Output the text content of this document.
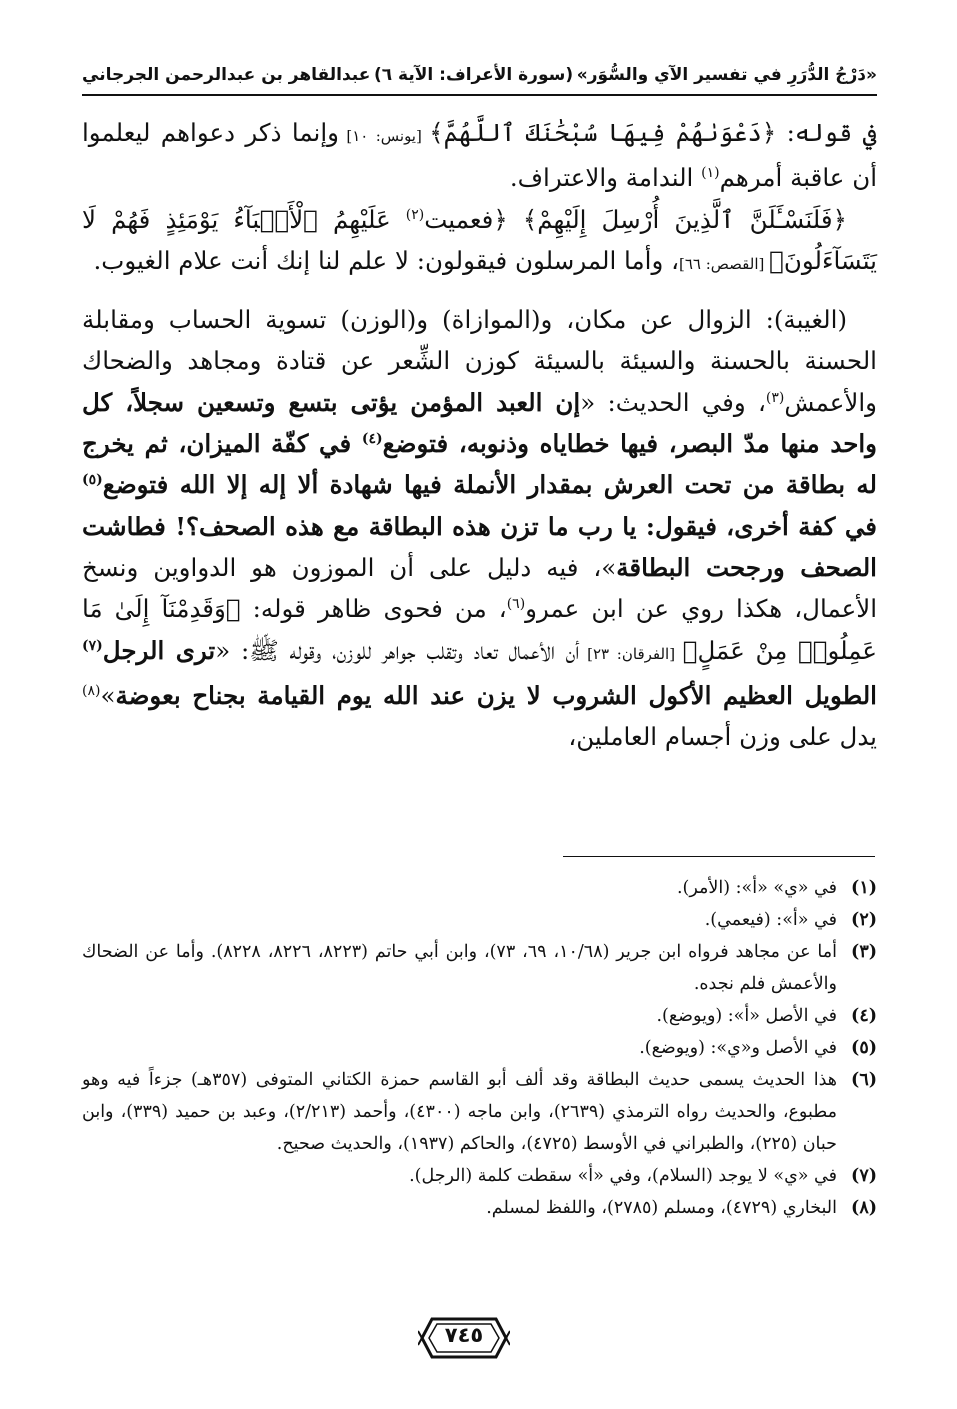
عبدالقاهر بن عبدالرحمن الجرجاني (سورة الأعراف: الآية ٦) «دَرْجُ الدُّرَرِ في تفسير الآي والسُّوَر»

في قوله: ﴿دَعْوَىٰهُمْ فِيهَا سُبْحَٰنَكَ ٱللَّهُمَّ﴾ [يونس: ١٠] وإنما ذكر دعواهم ليعلموا أن عاقبة أمرهم$^{(١)}$ الندامة والاعتراف.

﴿فَلَنَسْـَٔلَنَّ ٱلَّذِينَ أُرْسِلَ إِلَيْهِمْ﴾ ﴿فعميت$^{(٢)}$ عَلَيْهِمُ ٱلْأَنۢبَآءُ يَوْمَئِذٍ فَهُمْ لَا يَتَسَآءَلُونَ﴾ [القصص: ٦٦]، وأما المرسلون فيقولون: لا علم لنا إنك أنت علام الغيوب.

(الغيبة): الزوال عن مكان، و(الموازاة) و(الوزن) تسوية الحساب ومقابلة الحسنة بالحسنة والسيئة بالسيئة كوزن الشِّعر عن قتادة ومجاهد والضحاك والأعمش$^{(٣)}$، وفي الحديث: «إن العبد المؤمن يؤتى بتسع وتسعين سجلاً، كل واحد منها مدّ البصر، فيها خطاياه وذنوبه، فتوضع$^{(٤)}$ في كفّة الميزان، ثم يخرج له بطاقة من تحت العرش بمقدار الأنملة فيها شهادة ألا إله إلا الله فتوضع$^{(٥)}$ في كفة أخرى، فيقول: يا رب ما تزن هذه البطاقة مع هذه الصحف؟! فطاشت الصحف ورجحت البطاقة»، فيه دليل على أن الموزون هو الدواوين ونسخ الأعمال، هكذا روي عن ابن عمرو$^{(٦)}$، من فحوى ظاهر قوله: ﴿وَقَدِمْنَآ إِلَىٰ مَا عَمِلُوا۟ مِنْ عَمَلٍ﴾ [الفرقان: ٢٣] أن الأعمال تعاد وتقلب جواهر للوزن، وقوله ﷺ: «ترى الرجل$^{(٧)}$ الطويل العظيم الأكول الشروب لا يزن عند الله يوم القيامة بجناح بعوضة»$^{(٨)}$ يدل على وزن أجسام العاملين،

(١)
في «ي» «أ»: (الأمر).
(٢)
في «أ»: (فيعمي).
(٣)
أما عن مجاهد فرواه ابن جرير (١٠/٦٨، ٦٩، ٧٣)، وابن أبي حاتم (٨٢٢٣، ٨٢٢٦، ٨٢٢٨). وأما عن الضحاك والأعمش فلم نجده.
(٤)
في الأصل «أ»: (ويوضع).
(٥)
في الأصل و«ي»: (ويوضع).
(٦)
هذا الحديث يسمى حديث البطاقة وقد ألف أبو القاسم حمزة الكتاني المتوفى (٣٥٧هـ) جزءاً فيه وهو مطبوع، والحديث رواه الترمذي (٢٦٣٩)، وابن ماجه (٤٣٠٠)، وأحمد (٢/٢١٣)، وعبد بن حميد (٣٣٩)، وابن حبان (٢٢٥)، والطبراني في الأوسط (٤٧٢٥)، والحاكم (١٩٣٧)، والحديث صحيح.
(٧)
في «ي» لا يوجد (السلام)، وفي «أ» سقطت كلمة (الرجل).
(٨)
البخاري (٤٧٢٩)، ومسلم (٢٧٨٥)، واللفظ لمسلم.
٧٤٥
